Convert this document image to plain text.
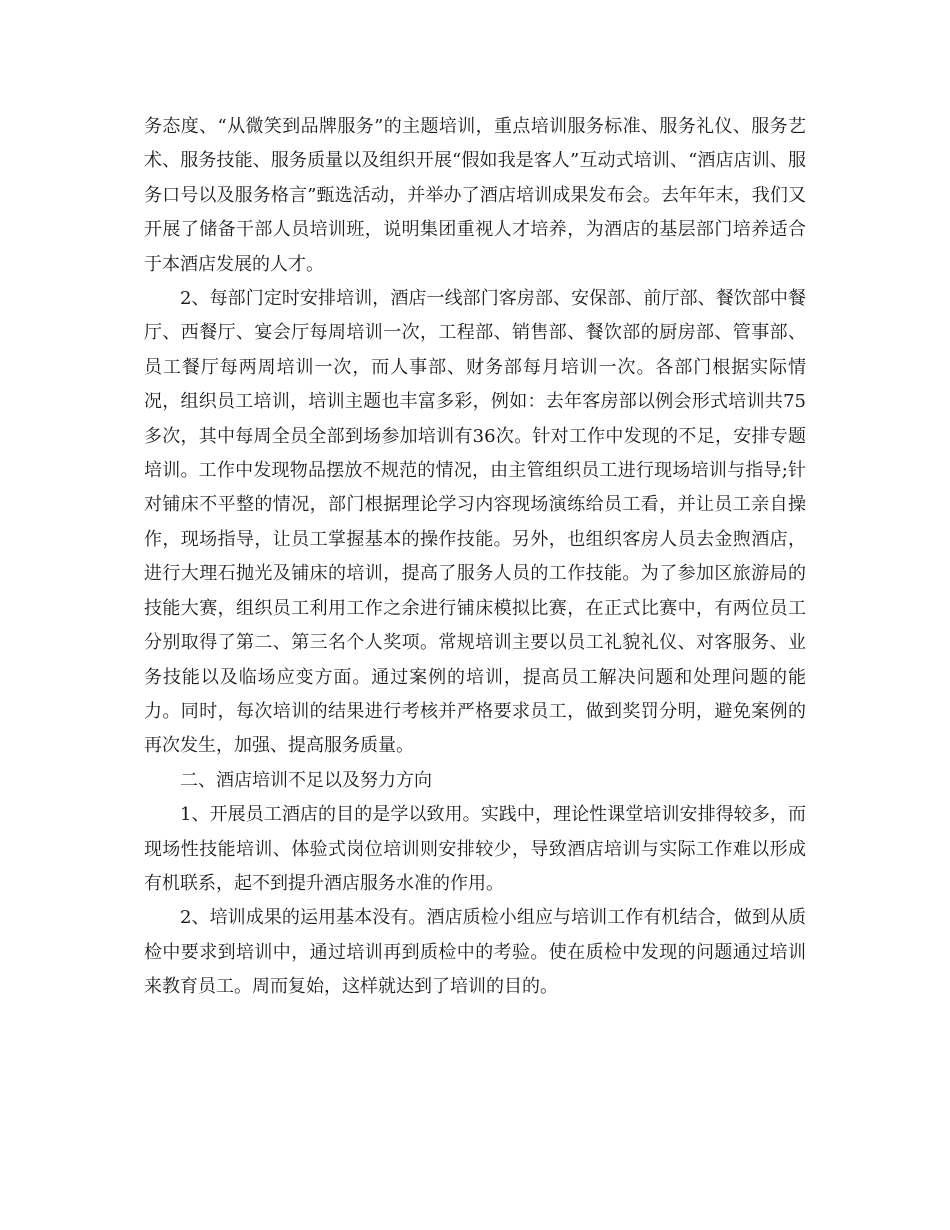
务态度、“从微笑到品牌服务”的主题培训，重点培训服务标准、服务礼仪、服务艺术、服务技能、服务质量以及组织开展“假如我是客人”互动式培训、“酒店店训、服务口号以及服务格言”甄选活动，并举办了酒店培训成果发布会。去年年末，我们又开展了储备干部人员培训班，说明集团重视人才培养，为酒店的基层部门培养适合于本酒店发展的人才。

2、每部门定时安排培训，酒店一线部门客房部、安保部、前厅部、餐饮部中餐厅、西餐厅、宴会厅每周培训一次，工程部、销售部、餐饮部的厨房部、管事部、员工餐厅每两周培训一次，而人事部、财务部每月培训一次。各部门根据实际情况，组织员工培训，培训主题也丰富多彩，例如：去年客房部以例会形式培训共75多次，其中每周全员全部到场参加培训有36次。针对工作中发现的不足，安排专题培训。工作中发现物品摆放不规范的情况，由主管组织员工进行现场培训与指导;针对铺床不平整的情况，部门根据理论学习内容现场演练给员工看，并让员工亲自操作，现场指导，让员工掌握基本的操作技能。另外，也组织客房人员去金煦酒店，进行大理石抛光及铺床的培训，提高了服务人员的工作技能。为了参加区旅游局的技能大赛，组织员工利用工作之余进行铺床模拟比赛，在正式比赛中，有两位员工分别取得了第二、第三名个人奖项。常规培训主要以员工礼貌礼仪、对客服务、业务技能以及临场应变方面。通过案例的培训，提高员工解决问题和处理问题的能力。同时，每次培训的结果进行考核并严格要求员工，做到奖罚分明，避免案例的再次发生，加强、提高服务质量。

二、酒店培训不足以及努力方向

1、开展员工酒店的目的是学以致用。实践中，理论性课堂培训安排得较多，而现场性技能培训、体验式岗位培训则安排较少，导致酒店培训与实际工作难以形成有机联系，起不到提升酒店服务水准的作用。

2、培训成果的运用基本没有。酒店质检小组应与培训工作有机结合，做到从质检中要求到培训中，通过培训再到质检中的考验。使在质检中发现的问题通过培训来教育员工。周而复始，这样就达到了培训的目的。
